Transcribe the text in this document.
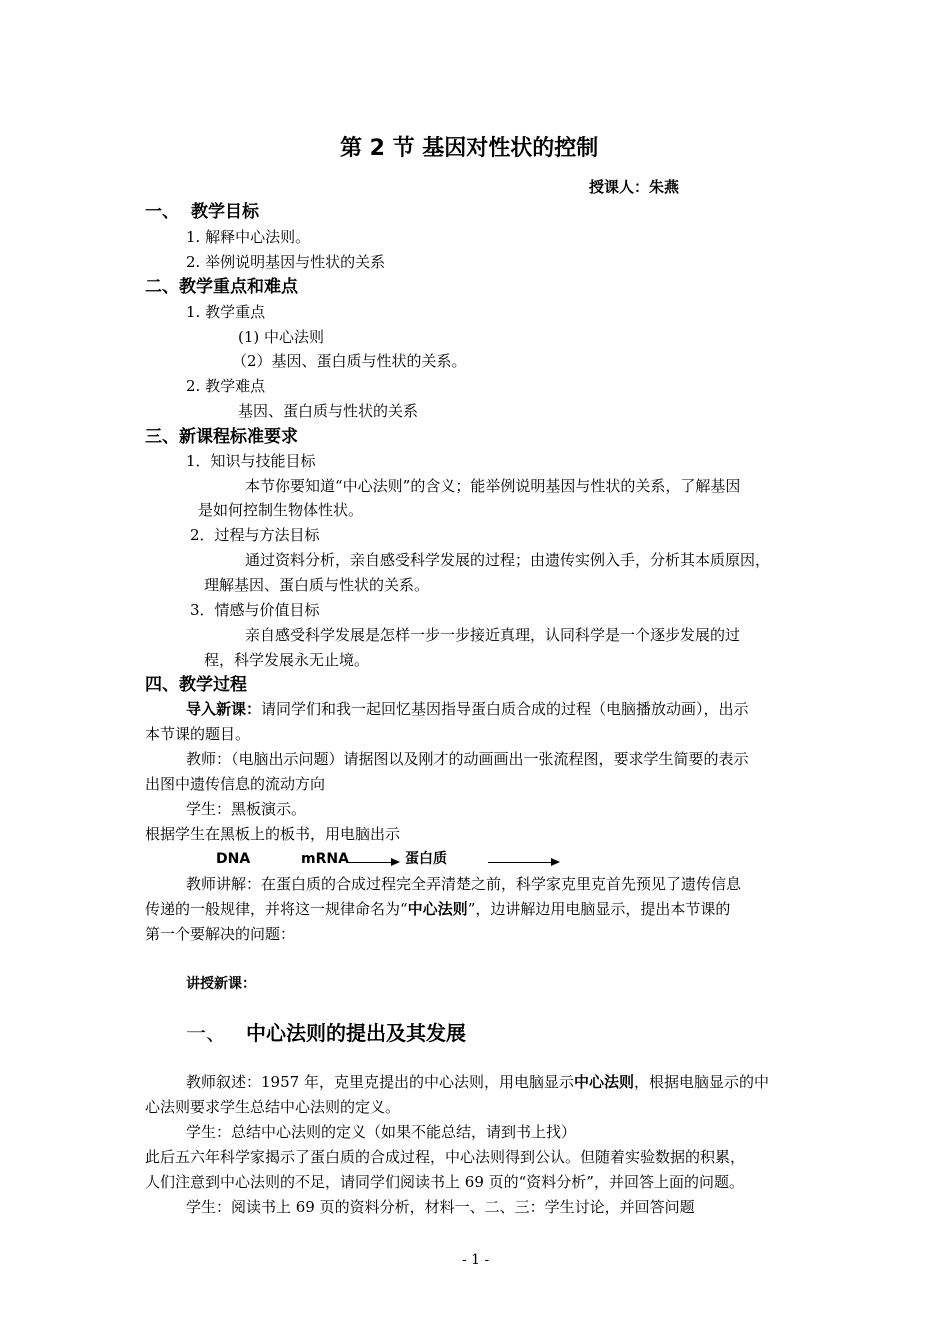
第 2 节 基因对性状的控制
授课人：朱燕
一、 教学目标
1. 解释中心法则。
2. 举例说明基因与性状的关系
二、教学重点和难点
1. 教学重点
(1) 中心法则
（2）基因、蛋白质与性状的关系。
2. 教学难点
基因、蛋白质与性状的关系
三、新课程标准要求
1．知识与技能目标
本节你要知道“中心法则”的含义；能举例说明基因与性状的关系，了解基因
是如何控制生物体性状。
2．过程与方法目标
通过资料分析，亲自感受科学发展的过程；由遗传实例入手，分析其本质原因，
理解基因、蛋白质与性状的关系。
3．情感与价值目标
亲自感受科学发展是怎样一步一步接近真理，认同科学是一个逐步发展的过
程，科学发展永无止境。
四、教学过程
导入新课：请同学们和我一起回忆基因指导蛋白质合成的过程（电脑播放动画），出示
本节课的题目。
教师：（电脑出示问题）请据图以及刚才的动画画出一张流程图，要求学生简要的表示
出图中遗传信息的流动方向
学生：黑板演示。
根据学生在黑板上的板书，用电脑出示
DNA	mRNA	蛋白质
教师讲解：在蛋白质的合成过程完全弄清楚之前，科学家克里克首先预见了遗传信息
传递的一般规律，并将这一规律命名为“中心法则”，边讲解边用电脑显示，提出本节课的
第一个要解决的问题：
讲授新课：
一、 中心法则的提出及其发展
教师叙述：1957 年，克里克提出的中心法则，用电脑显示中心法则，根据电脑显示的中
心法则要求学生总结中心法则的定义。
学生：总结中心法则的定义（如果不能总结，请到书上找）
此后五六年科学家揭示了蛋白质的合成过程，中心法则得到公认。但随着实验数据的积累，
人们注意到中心法则的不足，请同学们阅读书上 69 页的“资料分析”，并回答上面的问题。
学生：阅读书上 69 页的资料分析，材料一、二、三：学生讨论，并回答问题
- 1 -
